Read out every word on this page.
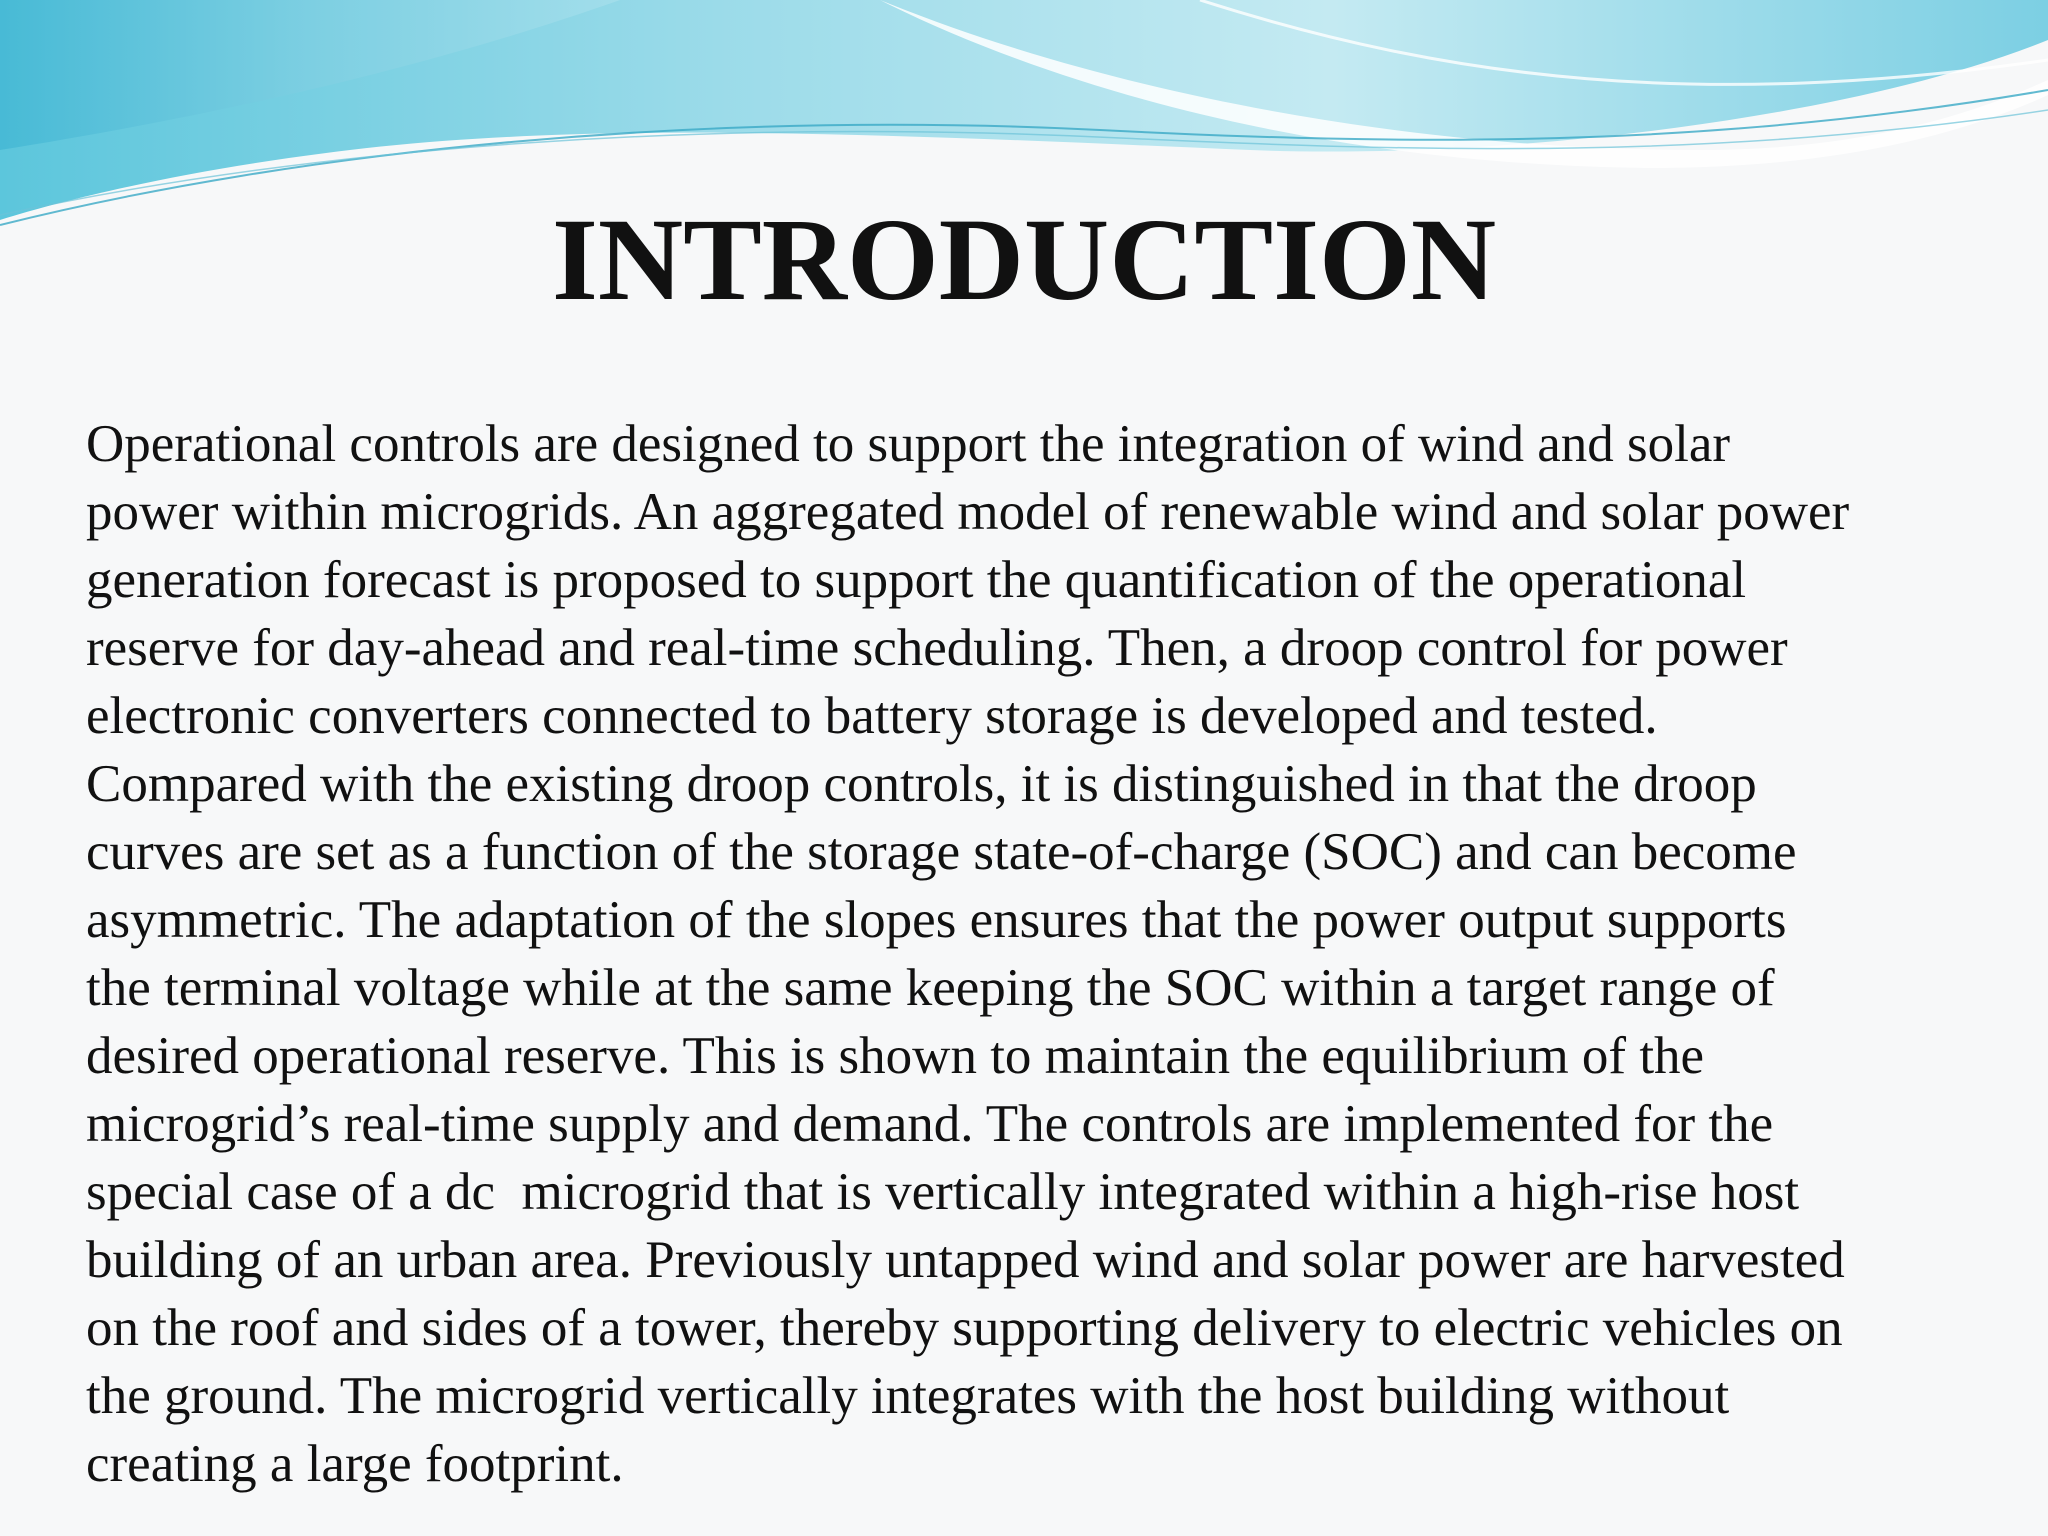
INTRODUCTION
Operational controls are designed to support the integration of wind and solar
power within microgrids. An aggregated model of renewable wind and solar power
generation forecast is proposed to support the quantification of the operational
reserve for day-ahead and real-time scheduling. Then, a droop control for power
electronic converters connected to battery storage is developed and tested.
Compared with the existing droop controls, it is distinguished in that the droop
curves are set as a function of the storage state-of-charge (SOC) and can become
asymmetric. The adaptation of the slopes ensures that the power output supports
the terminal voltage while at the same keeping the SOC within a target range of
desired operational reserve. This is shown to maintain the equilibrium of the
microgrid’s real-time supply and demand. The controls are implemented for the
special case of a dc  microgrid that is vertically integrated within a high-rise host
building of an urban area. Previously untapped wind and solar power are harvested
on the roof and sides of a tower, thereby supporting delivery to electric vehicles on
the ground. The microgrid vertically integrates with the host building without
creating a large footprint.
